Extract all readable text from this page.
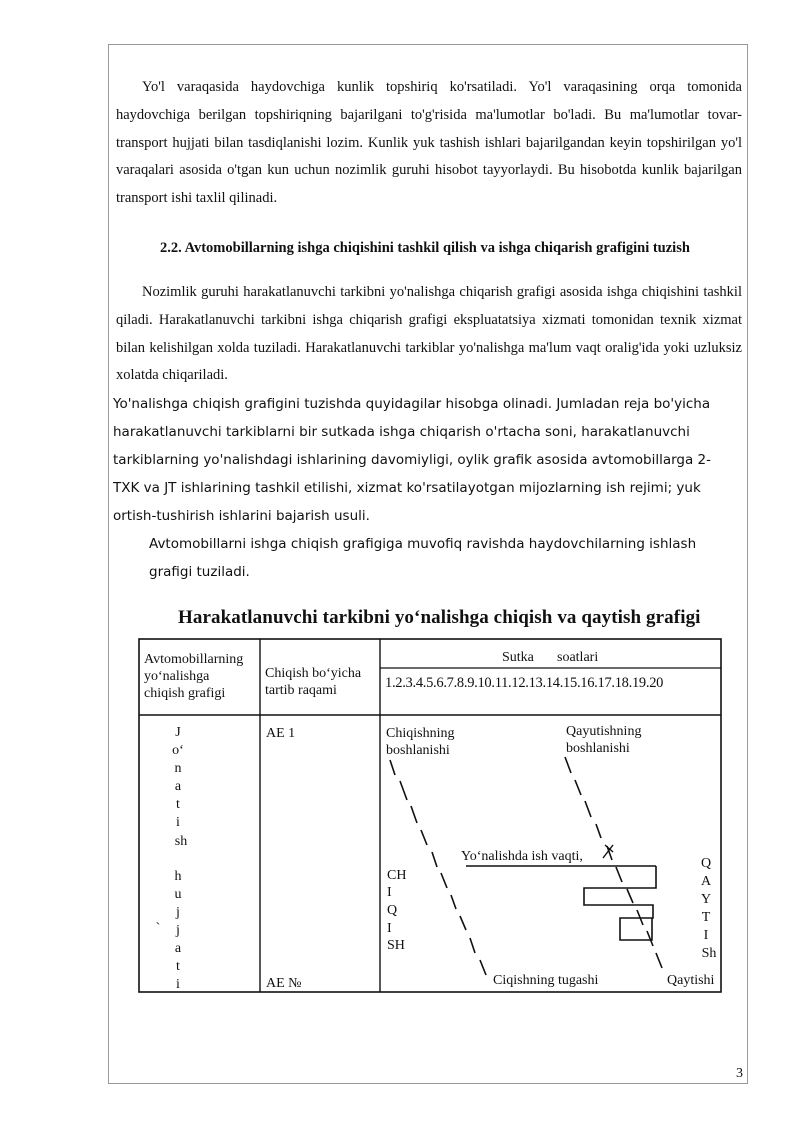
Yo'l varaqasida haydovchiga kunlik topshiriq ko'rsatiladi. Yo'l varaqasining orqa tomonida haydovchiga berilgan topshiriqning bajarilgani to'g'risida ma'lumotlar bo'ladi. Bu ma'lumotlar tovar-transport hujjati bilan tasdiqlanishi lozim. Kunlik yuk tashish ishlari bajarilgandan keyin topshirilgan yo'l varaqalari asosida o'tgan kun uchun nozimlik guruhi hisobot tayyorlaydi. Bu hisobotda kunlik bajarilgan transport ishi taxlil qilinadi.

2.2. Avtomobillarning ishga chiqishini tashkil qilish va ishga chiqarish grafigini tuzish

Nozimlik guruhi harakatlanuvchi tarkibni yo'nalishga chiqarish grafigi asosida ishga chiqishini tashkil qiladi. Harakatlanuvchi tarkibni ishga chiqarish grafigi ekspluatatsiya xizmati tomonidan texnik xizmat bilan kelishilgan xolda tuziladi. Harakatlanuvchi tarkiblar yo'nalishga ma'lum vaqt oralig'ida yoki uzluksiz xolatda chiqariladi.

Yo'nalishga chiqish grafigini tuzishda quyidagilar hisobga olinadi. Jumladan reja bo'yicha
harakatlanuvchi tarkiblarni bir sutkada ishga chiqarish o'rtacha soni, harakatlanuvchi
tarkiblarning yo'nalishdagi ishlarining davomiyligi, oylik grafik asosida avtomobillarga 2-
TXK va JT ishlarining tashkil etilishi, xizmat ko'rsatilayotgan mijozlarning ish rejimi; yuk
ortish-tushirish ishlarini bajarish usuli.
Avtomobillarni ishga chiqish grafigiga muvofiq ravishda haydovchilarning ishlash
grafigi tuziladi.

Harakatlanuvchi tarkibni yo‘nalishga chiqish va qaytish grafigi

Avtomobillarning
yo‘nalishga
chiqish grafigi
Chiqish bo‘yicha
tartib raqami
Sutka soatlari
1.2.3.4.5.6.7.8.9.10.11.12.13.14.15.16.17.18.19.20
J
o‘
n
a
t
i
sh
h
u
j
j
a
t
i
`
AE 1
AE №
Chiqishning
boshlanishi
Qayutishning
boshlanishi
Yo‘nalishda ish vaqti,
CH
I
Q
I
SH
Q
A
Y
T
I
Sh
Ciqishning tugashi	Qaytishi
3
